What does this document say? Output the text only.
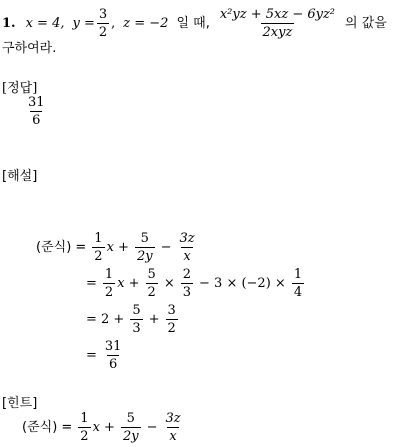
1. x = 4, $y = \frac{3}{2}$ , z = −2 일 때, $\frac{\text{x²yz + 5xz − 6yz²}}{\text{2xyz}}$ 의 값을
구하여라.
[정답]
$\frac{31}{6}$
[해설]
(준식) = $\frac{1}{2}$ $x + \frac{5}{2y} - \frac{3z}{x}$
= $\frac{1}{2}$ $x + \frac{5}{2} \times \frac{2}{3} - 3 \times (-2) \times \frac{1}{4}$
= $2 + \frac{5}{3} + \frac{3}{2}$
= $\frac{31}{6}$
[힌트]
(준식) = $\frac{1}{2}$ $x + \frac{5}{2y} - \frac{3z}{x}$
